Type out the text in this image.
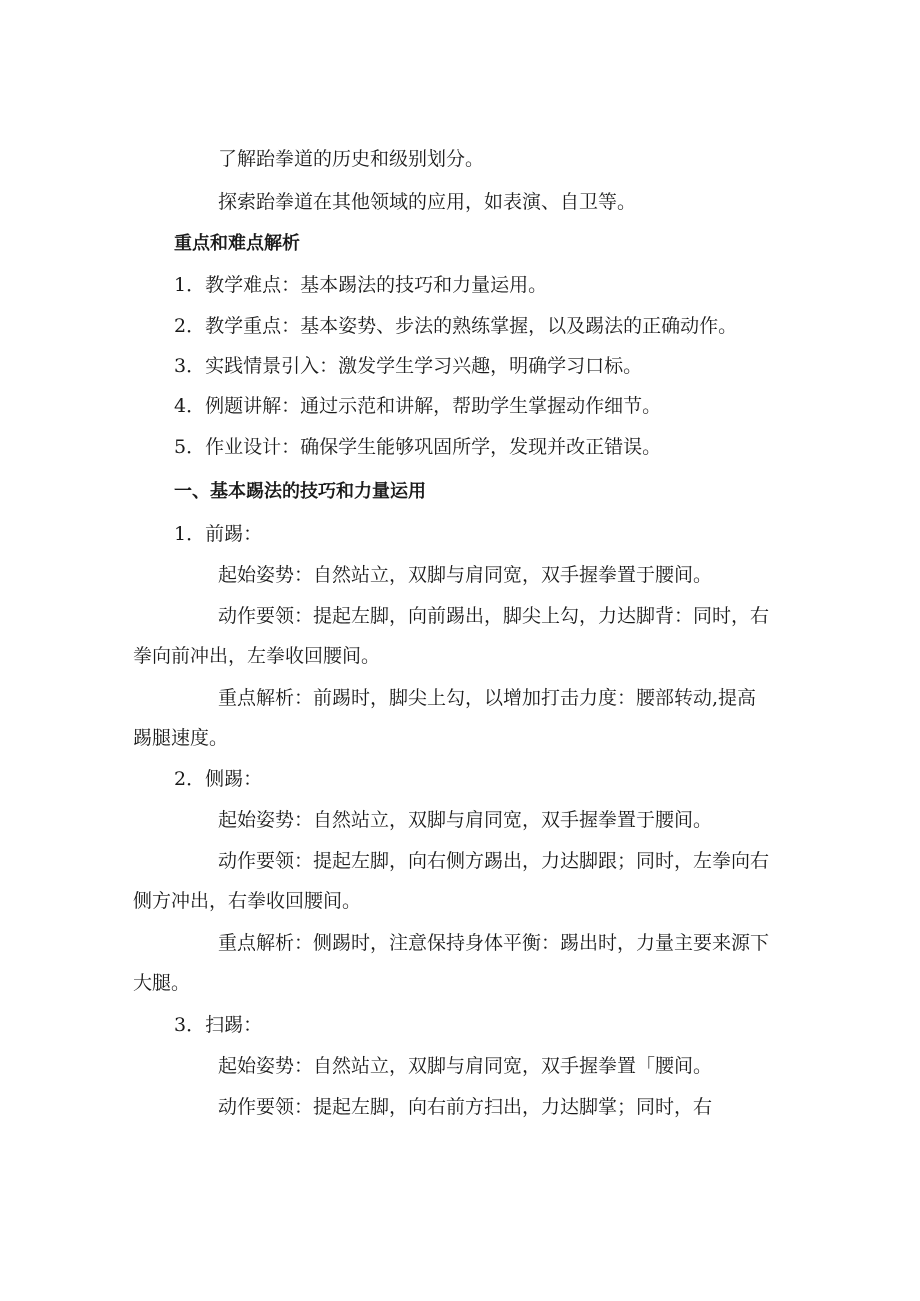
了解跆拳道的历史和级别划分。
探索跆拳道在其他领域的应用，如表演、自卫等。
重点和难点解析
1．教学难点：基本踢法的技巧和力量运用。
2．教学重点：基本姿势、步法的熟练掌握，以及踢法的正确动作。
3．实践情景引入：激发学生学习兴趣，明确学习口标。
4．例题讲解：通过示范和讲解，帮助学生掌握动作细节。
5．作业设计：确保学生能够巩固所学，发现并改正错误。
一、基本踢法的技巧和力量运用
1．前踢：
起始姿势：自然站立，双脚与肩同宽，双手握拳置于腰间。
动作要领：提起左脚，向前踢出，脚尖上勾，力达脚背：同时，右
拳向前冲出，左拳收回腰间。
重点解析：前踢时，脚尖上勾，以增加打击力度：腰部转动,提高
踢腿速度。
2．侧踢：
起始姿势：自然站立，双脚与肩同宽，双手握拳置于腰间。
动作要领：提起左脚，向右侧方踢出，力达脚跟；同时，左拳向右
侧方冲出，右拳收回腰间。
重点解析：侧踢时，注意保持身体平衡：踢出时，力量主要来源下
大腿。
3．扫踢：
起始姿势：自然站立，双脚与肩同宽，双手握拳置「腰间。
动作要领：提起左脚，向右前方扫出，力达脚掌；同时，右
